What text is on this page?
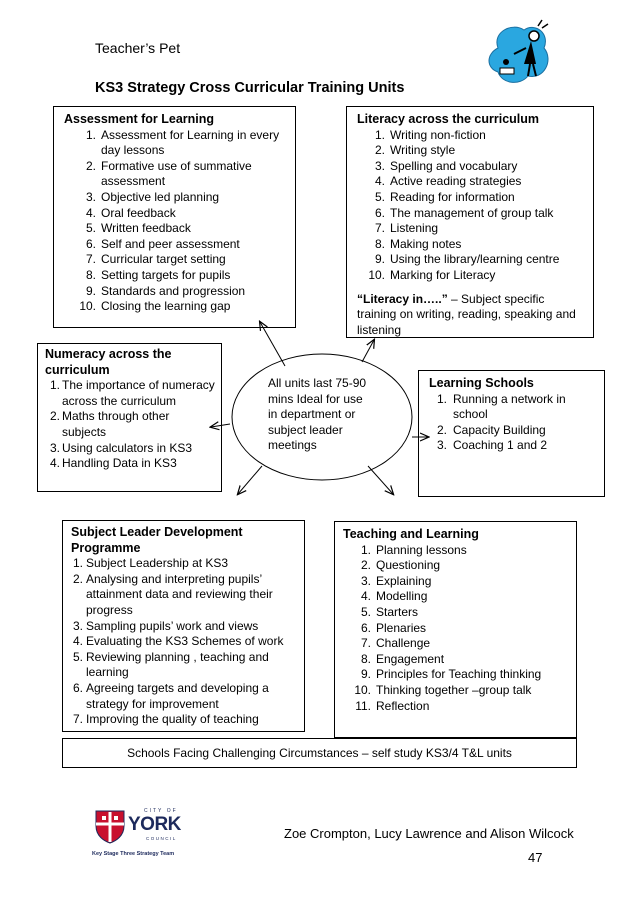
Teacher’s Pet
KS3 Strategy Cross Curricular Training Units
Assessment for Learning
1. Assessment for Learning in every day lessons
2. Formative use of summative assessment
3. Objective led planning
4. Oral feedback
5. Written feedback
6. Self and peer assessment
7. Curricular target setting
8. Setting targets for pupils
9. Standards and progression
10. Closing the learning gap
Literacy across the curriculum
1. Writing non-fiction
2. Writing style
3. Spelling and vocabulary
4. Active reading strategies
5. Reading for information
6. The management of group talk
7. Listening
8. Making notes
9. Using the library/learning centre
10. Marking for Literacy
“Literacy in…..” – Subject specific training on writing, reading, speaking and listening
Numeracy across the curriculum
1. The importance of numeracy across the curriculum
2. Maths through other subjects
3. Using calculators in KS3
4. Handling Data in KS3
All units last 75-90 mins Ideal for use in department or subject leader meetings
Learning Schools
1. Running a network in school
2. Capacity Building
3. Coaching 1 and 2
Subject Leader Development Programme
1. Subject Leadership at KS3
2. Analysing and interpreting pupils’ attainment data and reviewing their progress
3. Sampling pupils’ work and views
4. Evaluating the KS3 Schemes of work
5. Reviewing planning , teaching and learning
6. Agreeing targets and developing a strategy for improvement
7. Improving the quality of teaching
Teaching and Learning
1. Planning lessons
2. Questioning
3. Explaining
4. Modelling
5. Starters
6. Plenaries
7. Challenge
8. Engagement
9. Principles for Teaching thinking
10. Thinking together –group talk
11. Reflection
Schools Facing Challenging Circumstances – self study KS3/4 T&L units
CITY OF
YORK
COUNCIL
Key Stage Three Strategy Team
Zoe Crompton, Lucy Lawrence and Alison Wilcock
47
